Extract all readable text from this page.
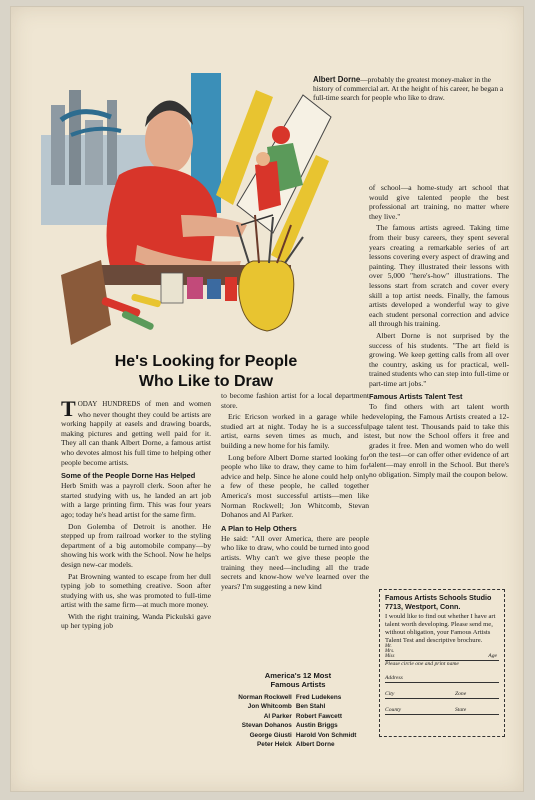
Albert Dorne—probably the greatest money-maker in the history of commercial art. At the height of his career, he began a full-time search for people who like to draw.
He's Looking for People
Who Like to Draw

Today hundreds of men and women who never thought they could be artists are working happily at easels and drawing boards, making pictures and getting well paid for it. They all can thank Albert Dorne, a famous artist who devotes almost his full time to helping other people become artists.

Some of the People Dorne Has Helped

Herb Smith was a payroll clerk. Soon after he started studying with us, he landed an art job with a large printing firm. This was four years ago; today he's head artist for the same firm.

Don Golemba of Detroit is another. He stepped up from railroad worker to the styling department of a big automobile company—by showing his work with the School. Now he helps design new-car models.

Pat Browning wanted to escape from her dull typing job to something creative. Soon after studying with us, she was promoted to full-time artist with the same firm—at much more money.

With the right training, Wanda Pickulski gave up her typing job

to become fashion artist for a local department store.

Eric Ericson worked in a garage while he studied art at night. Today he is a successful artist, earns seven times as much, and is building a new home for his family.

Long before Albert Dorne started looking for people who like to draw, they came to him for advice and help. Since he alone could help only a few of these people, he called together America's most successful artists—men like Norman Rockwell; Jon Whitcomb, Stevan Dohanos and Al Parker.

A Plan to Help Others

He said: "All over America, there are people who like to draw, who could be turned into good artists. Why can't we give these people the training they need—including all the trade secrets and know-how we've learned over the years? I'm suggesting a new kind

America's 12 Most
Famous Artists
Norman Rockwell	Fred Ludekens
Jon Whitcomb	Ben Stahl
Al Parker	Robert Fawcett
Stevan Dohanos	Austin Briggs
George Giusti	Harold Von Schmidt
Peter Helck	Albert Dorne

of school—a home-study art school that would give talented people the best professional art training, no matter where they live."

The famous artists agreed. Taking time from their busy careers, they spent several years creating a remarkable series of art lessons covering every aspect of drawing and painting. They illustrated their lessons with over 5,000 "here's-how" illustrations. The lessons start from scratch and cover every skill a top artist needs. Finally, the famous artists developed a wonderful way to give each student personal correction and advice all through his training.

Albert Dorne is not surprised by the success of his students. "The art field is growing. We keep getting calls from all over the country, asking us for practical, well-trained students who can step into full-time or part-time art jobs."

Famous Artists Talent Test

To find others with art talent worth developing, the Famous Artists created a 12-page talent test. Thousands paid to take this test, but now the School offers it free and grades it free. Men and women who do well on the test—or can offer other evidence of art talent—may enroll in the School. But there's no obligation. Simply mail the coupon below.

Famous Artists Schools Studio 7713, Westport, Conn.
I would like to find out whether I have art talent worth developing. Please send me, without obligation, your Famous Artists Talent Test and descriptive brochure.
Mr. Mrs. Miss	Age
Please circle one and print name
Address
City	Zone
County	State
